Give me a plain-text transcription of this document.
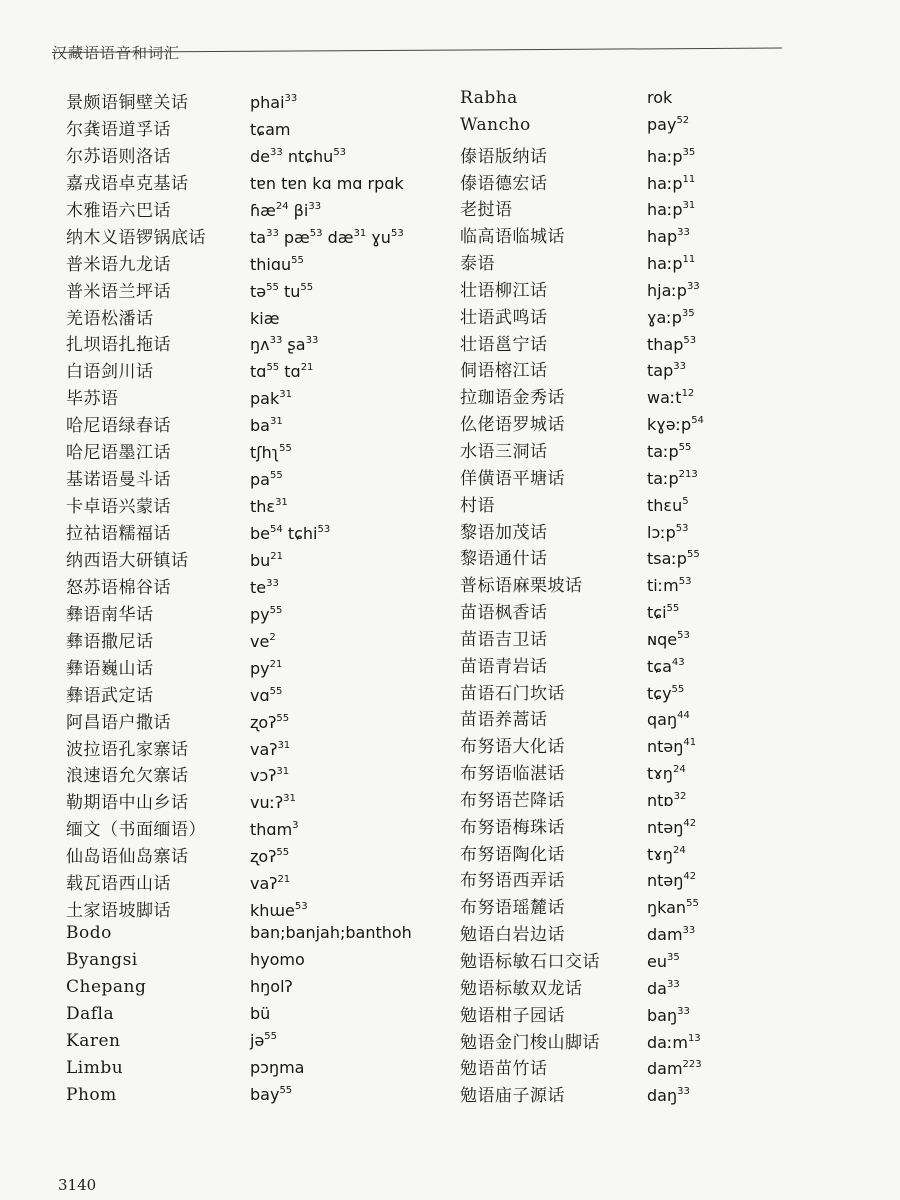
汉藏语语音和词汇
景颇语铜壁关话	phai$^{33}$
尔龚语道孚话	tɕam
尔苏语则洛话	$de^{33}$ ntɕhu$^{53}$
嘉戎语卓克基话	tɐn tɐn kɑ mɑ rpɑk
木雅语六巴话	ɦæ$^{24}$ $\beta i^{33}$
纳木义语锣锅底话	$ta^{33}$ $pæ^{53}$ $dæ^{31}$ ɣu$^{53}$
普米语九龙话	thiɑu$^{55}$
普米语兰坪话	tə$^{55}$ $tu^{55}$
羌语松潘话	kiæ
扎坝语扎拖话	ŋʌ$^{33}$ ʂa$^{33}$
白语剑川话	tɑ$^{55}$ tɑ$^{21}$
毕苏语	pak$^{31}$
哈尼语绿春话	$ba^{31}$
哈尼语墨江话	tʃhʅ$^{55}$
基诺语曼斗话	$pa^{55}$
卡卓语兴蒙话	thɛ$^{31}$
拉祜语糯福话	$be^{54}$ tɕhi$^{53}$
纳西语大研镇话	$bu^{21}$
怒苏语棉谷话	$te^{33}$
彝语南华话	$py^{55}$
彝语撒尼话	$ve^2$
彝语巍山话	$py^{21}$
彝语武定话	vɑ$^{55}$
阿昌语户撒话	ʐoʔ$^{55}$
波拉语孔家寨话	vaʔ$^{31}$
浪速语允欠寨话	vɔʔ$^{31}$
勒期语中山乡话	vuːʔ$^{31}$
缅文（书面缅语）	thɑm$^3$
仙岛语仙岛寨话	ʐoʔ$^{55}$
载瓦语西山话	vaʔ$^{21}$
土家语坡脚话	khɯe$^{53}$
Bodo	ban;banjah;banthoh
Byangsi	hyomo
Chepang	hŋolʔ
Dafla	bü
Karen	jə$^{55}$
Limbu	pɔŋma
Phom	bay$^{55}$
Rabha	rok
Wancho	pay$^{52}$
傣语版纳话	haːp$^{35}$
傣语德宏话	haːp$^{11}$
老挝语	haːp$^{31}$
临高语临城话	hap$^{33}$
泰语	haːp$^{11}$
壮语柳江话	hjaːp$^{33}$
壮语武鸣话	ɣaːp$^{35}$
壮语邕宁话	thap$^{53}$
侗语榕江话	tap$^{33}$
拉珈语金秀话	waːt$^{12}$
仫佬语罗城话	kɣəːp$^{54}$
水语三洞话	taːp$^{55}$
佯僙语平塘话	taːp$^{213}$
村语	thɛu$^5$
黎语加茂话	lɔːp$^{53}$
黎语通什话	tsaːp$^{55}$
普标语麻栗坡话	tiːm$^{53}$
苗语枫香话	tɕi$^{55}$
苗语吉卫话	ɴqe$^{53}$
苗语青岩话	tɕa$^{43}$
苗语石门坎话	tɕy$^{55}$
苗语养蒿话	qaŋ$^{44}$
布努语大化话	ntəŋ$^{41}$
布努语临湛话	tɤŋ$^{24}$
布努语芒降话	ntɒ$^{32}$
布努语梅珠话	ntəŋ$^{42}$
布努语陶化话	tɤŋ$^{24}$
布努语西弄话	ntəŋ$^{42}$
布努语瑶麓话	ŋkan$^{55}$
勉语白岩边话	dam$^{33}$
勉语标敏石口交话	$eu^{35}$
勉语标敏双龙话	$da^{33}$
勉语柑子园话	baŋ$^{33}$
勉语金门梭山脚话	daːm$^{13}$
勉语苗竹话	dam$^{223}$
勉语庙子源话	daŋ$^{33}$
3140
